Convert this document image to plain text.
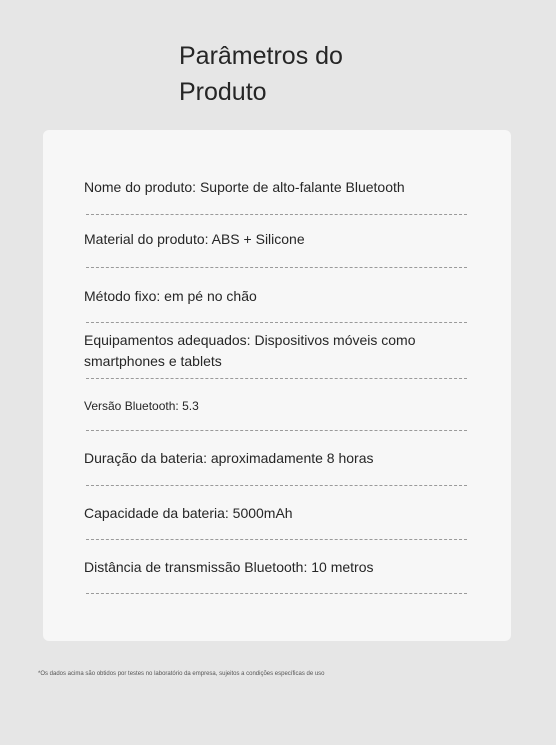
Parâmetros do
Produto
Nome do produto: Suporte de alto-falante Bluetooth
Material do produto: ABS + Silicone
Método fixo: em pé no chão
Equipamentos adequados: Dispositivos móveis como smartphones e tablets
Versão Bluetooth: 5.3
Duração da bateria: aproximadamente 8 horas
Capacidade da bateria: 5000mAh
Distância de transmissão Bluetooth: 10 metros
*Os dados acima são obtidos por testes no laboratório da empresa, sujeitos a condições específicas de uso
